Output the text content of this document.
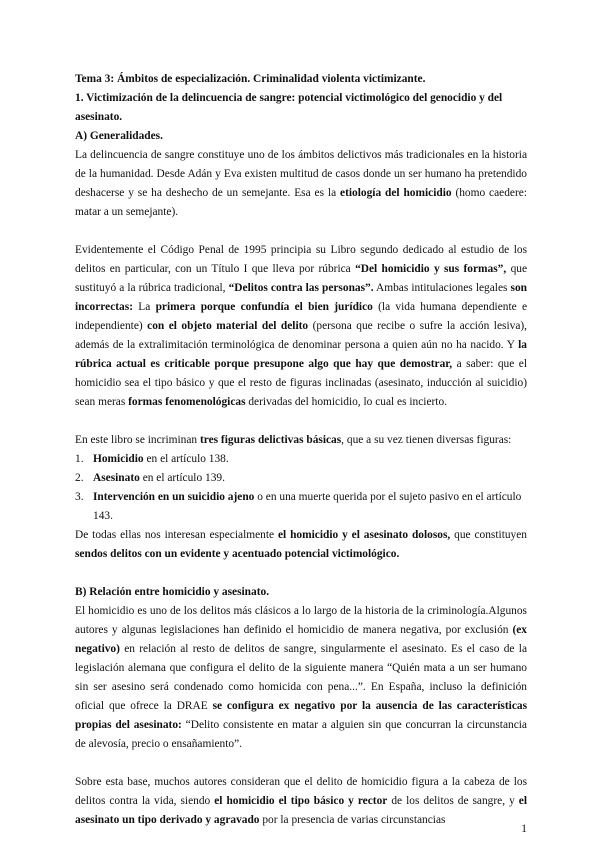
Tema 3: Ámbitos de especialización. Criminalidad violenta victimizante.

1. Victimización de la delincuencia de sangre: potencial victimológico del genocidio y del asesinato.

A) Generalidades.

La delincuencia de sangre constituye uno de los ámbitos delictivos más tradicionales en la historia de la humanidad. Desde Adán y Eva existen multitud de casos donde un ser humano ha pretendido deshacerse y se ha deshecho de un semejante. Esa es la etiología del homicidio (homo caedere: matar a un semejante).

Evidentemente el Código Penal de 1995 principia su Libro segundo dedicado al estudio de los delitos en particular, con un Título I que lleva por rúbrica “Del homicidio y sus formas”, que sustituyó a la rúbrica tradicional, “Delitos contra las personas”. Ambas intitulaciones legales son incorrectas: La primera porque confundía el bien jurídico (la vida humana dependiente e independiente) con el objeto material del delito (persona que recibe o sufre la acción lesiva), además de la extralimitación terminológica de denominar persona a quien aún no ha nacido. Y la rúbrica actual es criticable porque presupone algo que hay que demostrar, a saber: que el homicidio sea el tipo básico y que el resto de figuras inclinadas (asesinato, inducción al suicidio) sean meras formas fenomenológicas derivadas del homicidio, lo cual es incierto.

En este libro se incriminan tres figuras delictivas básicas, que a su vez tienen diversas figuras:

1. Homicidio en el artículo 138.
2. Asesinato en el artículo 139.
3. Intervención en un suicidio ajeno o en una muerte querida por el sujeto pasivo en el artículo 143.

De todas ellas nos interesan especialmente el homicidio y el asesinato dolosos, que constituyen sendos delitos con un evidente y acentuado potencial victimológico.

B) Relación entre homicidio y asesinato.

El homicidio es uno de los delitos más clásicos a lo largo de la historia de la criminología.Algunos autores y algunas legislaciones han definido el homicidio de manera negativa, por exclusión (ex negativo) en relación al resto de delitos de sangre, singularmente el asesinato. Es el caso de la legislación alemana que configura el delito de la siguiente manera “Quién mata a un ser humano sin ser asesino será condenado como homicida con pena...”. En España, incluso la definición oficial que ofrece la DRAE se configura ex negativo por la ausencia de las características propias del asesinato: “Delito consistente en matar a alguien sin que concurran la circunstancia de alevosía, precio o ensañamiento”.

Sobre esta base, muchos autores consideran que el delito de homicidio figura a la cabeza de los delitos contra la vida, siendo el homicidio el tipo básico y rector de los delitos de sangre, y el asesinato un tipo derivado y agravado por la presencia de varias circunstancias

1
